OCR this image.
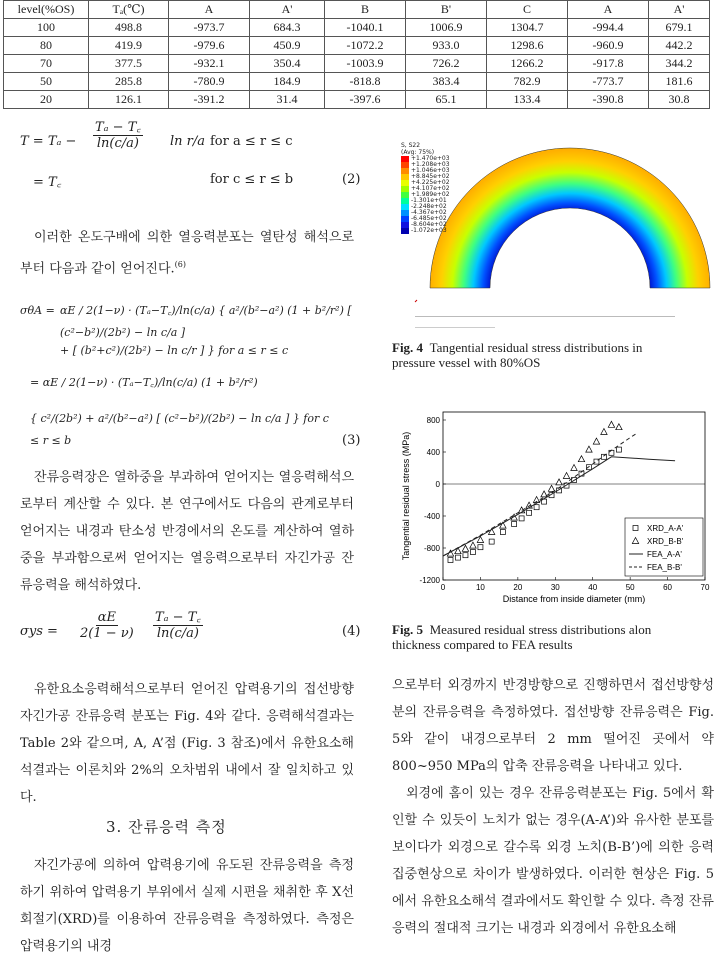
level(%OS)	Tₐ(℃)	A	A'	B	B'	C	A	A'
100	498.8	-973.7	684.3	-1040.1	1006.9	1304.7	-994.4	679.1
80	419.9	-979.6	450.9	-1072.2	933.0	1298.6	-960.9	442.2
70	377.5	-932.1	350.4	-1003.9	726.2	1266.2	-917.8	344.2
50	285.8	-780.9	184.9	-818.8	383.4	782.9	-773.7	181.6
20	126.1	-391.2	31.4	-397.6	65.1	133.4	-390.8	30.8
$T = T_a - \frac{\text{Tₐ − T꜀}}{\ln(c/a)}$ ln r/a for a ≤ r ≤ c
= T꜀	for c ≤ r ≤ b	(2)

이러한 온도구배에 의한 열응력분포는 열탄성 해석으로부터 다음과 같이 얻어진다.$^{(6)}$

σθA = αE / 2(1−ν) · (Tₐ−T꜀)/ln(c/a) { a²/(b²−a²) (1 + b²/r²) [ (c²−b²)/(2b²) − ln c/a ]
+ [ (b²+c²)/(2b²) − ln c/r ] } for a ≤ r ≤ c
= αE / 2(1−ν) · (Tₐ−T꜀)/ln(c/a) (1 + b²/r²)
{ c²/(2b²) + a²/(b²−a²) [ (c²−b²)/(2b²) − ln c/a ] } for c ≤ r ≤ b	(3)

잔류응력장은 열하중을 부과하여 얻어지는 열응력해석으로부터 계산할 수 있다. 본 연구에서도 다음의 관계로부터 얻어지는 내경과 탄소성 반경에서의 온도를 계산하여 열하중을 부과함으로써 얻어지는 열응력으로부터 자긴가공 잔류응력을 해석하였다.

$\sigma ys = \frac{\alpha E}{2(1 - \nu)} \frac{\text{Tₐ − T꜀}}{\ln(c/a)}$	(4)

유한요소응력해석으로부터 얻어진 압력용기의 접선방향 자긴가공 잔류응력 분포는 Fig. 4와 같다. 응력해석결과는 Table 2와 같으며, A, A’점 (Fig. 3 참조)에서 유한요소해석결과는 이론치와 2%의 오차범위 내에서 잘 일치하고 있다.

3. 잔류응력 측정

자긴가공에 의하여 압력용기에 유도된 잔류응력을 측정하기 위하여 압력용기 부위에서 실제 시편을 채취한 후 X선 회절기(XRD)를 이용하여 잔류응력을 측정하였다. 측정은 압력용기의 내경

S, S22
(Avg: 75%)
+1.470e+03
+1.208e+03
+1.046e+03
+8.845e+02
+4.225e+02
+4.107e+02
+1.989e+02
-1.301e+01
-2.248e+02
-4.367e+02
-6.485e+02
-8.604e+02
-1.072e+03
Fig. 4 Tangential residual stress distributions in
pressure vessel with 80%OS
0	10	20	30	40	50	60	70
-1200
-800
-400
0
400
800
Distance from inside diameter (mm)
Tangential residual stress (MPa)	XRD_A-A'
XRD_B-B'
FEA_A-A'
FEA_B-B'
Fig. 5 Measured residual stress distributions alon
thickness compared to FEA results

으로부터 외경까지 반경방향으로 진행하면서 접선방향성분의 잔류응력을 측정하였다. 접선방향 잔류응력은 Fig. 5와 같이 내경으로부터 2 mm 떨어진 곳에서 약 800~950 MPa의 압축 잔류응력을 나타내고 있다.

외경에 홈이 있는 경우 잔류응력분포는 Fig. 5에서 확인할 수 있듯이 노치가 없는 경우(A-A’)와 유사한 분포를 보이다가 외경으로 갈수록 외경 노치(B-B’)에 의한 응력집중현상으로 차이가 발생하였다. 이러한 현상은 Fig. 5에서 유한요소해석 결과에서도 확인할 수 있다. 측정 잔류응력의 절대적 크기는 내경과 외경에서 유한요소해
